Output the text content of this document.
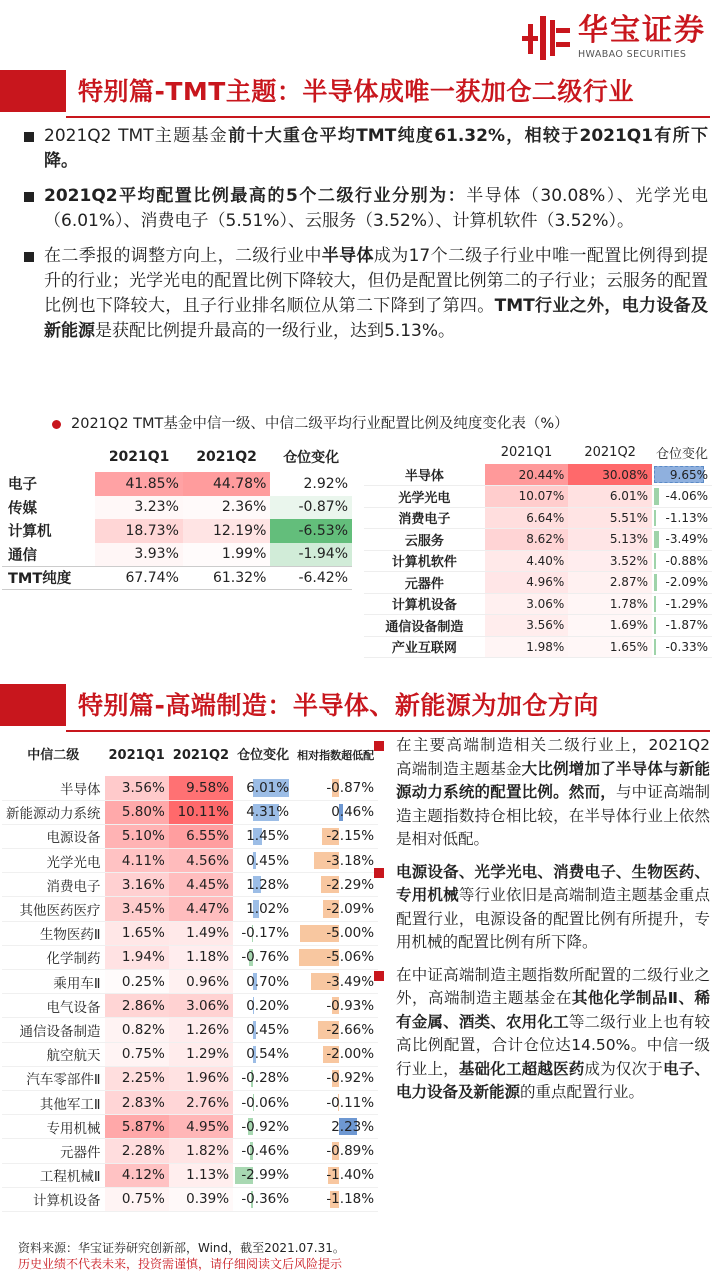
华宝证券
HWABAO SECURITIES
特别篇-TMT主题：半导体成唯一获加仓二级行业
2021Q2 TMT主题基金前十大重仓平均TMT纯度61.32%，相较于2021Q1有所下降。
2021Q2平均配置比例最高的5个二级行业分别为：半导体（30.08%）、光学光电（6.01%）、消费电子（5.51%）、云服务（3.52%）、计算机软件（3.52%）。
在二季报的调整方向上，二级行业中半导体成为17个二级子行业中唯一配置比例得到提升的行业；光学光电的配置比例下降较大，但仍是配置比例第二的子行业；云服务的配置比例也下降较大，且子行业排名顺位从第二下降到了第四。TMT行业之外，电力设备及新能源是获配比例提升最高的一级行业，达到5.13%。
2021Q2 TMT基金中信一级、中信二级平均行业配置比例及纯度变化表（%）
	2021Q1	2021Q2	仓位变化
电子	41.85%	44.78%	2.92%
传媒	3.23%	2.36%	-0.87%
计算机	18.73%	12.19%	-6.53%
通信	3.93%	1.99%	-1.94%
TMT纯度	67.74%	61.32%	-6.42%
	2021Q1	2021Q2	仓位变化
半导体	20.44%	30.08%	9.65%
光学光电	10.07%	6.01%	-4.06%
消费电子	6.64%	5.51%	-1.13%
云服务	8.62%	5.13%	-3.49%
计算机软件	4.40%	3.52%	-0.88%
元器件	4.96%	2.87%	-2.09%
计算机设备	3.06%	1.78%	-1.29%
通信设备制造	3.56%	1.69%	-1.87%
产业互联网	1.98%	1.65%	-0.33%
特别篇-高端制造：半导体、新能源为加仓方向
中信二级	2021Q1	2021Q2	仓位变化	相对指数超低配
半导体	3.56%	9.58%	6.01%	-0.87%
新能源动力系统	5.80%	10.11%	4.31%	0.46%
电源设备	5.10%	6.55%	1.45%	-2.15%
光学光电	4.11%	4.56%	0.45%	-3.18%
消费电子	3.16%	4.45%	1.28%	-2.29%
其他医药医疗	3.45%	4.47%	1.02%	-2.09%
生物医药Ⅱ	1.65%	1.49%	-0.17%	-5.00%
化学制药	1.94%	1.18%	-0.76%	-5.06%
乘用车Ⅱ	0.25%	0.96%	0.70%	-3.49%
电气设备	2.86%	3.06%	0.20%	-0.93%
通信设备制造	0.82%	1.26%	0.45%	-2.66%
航空航天	0.75%	1.29%	0.54%	-2.00%
汽车零部件Ⅱ	2.25%	1.96%	-0.28%	-0.92%
其他军工Ⅱ	2.83%	2.76%	-0.06%	-0.11%
专用机械	5.87%	4.95%	-0.92%	2.23%
元器件	2.28%	1.82%	-0.46%	-0.89%
工程机械Ⅱ	4.12%	1.13%	-2.99%	-1.40%
计算机设备	0.75%	0.39%	-0.36%	-1.18%
在主要高端制造相关二级行业上，2021Q2 高端制造主题基金大比例增加了半导体与新能源动力系统的配置比例。然而，与中证高端制造主题指数持仓相比较，在半导体行业上依然是相对低配。
电源设备、光学光电、消费电子、生物医药、专用机械等行业依旧是高端制造主题基金重点配置行业，电源设备的配置比例有所提升，专用机械的配置比例有所下降。
在中证高端制造主题指数所配置的二级行业之外，高端制造主题基金在其他化学制品Ⅱ、稀有金属、酒类、农用化工等二级行业上也有较高比例配置，合计仓位达14.50%。中信一级行业上，基础化工超越医药成为仅次于电子、电力设备及新能源的重点配置行业。
资料来源：华宝证券研究创新部，Wind，截至2021.07.31。
历史业绩不代表未来，投资需谨慎，请仔细阅读文后风险提示
